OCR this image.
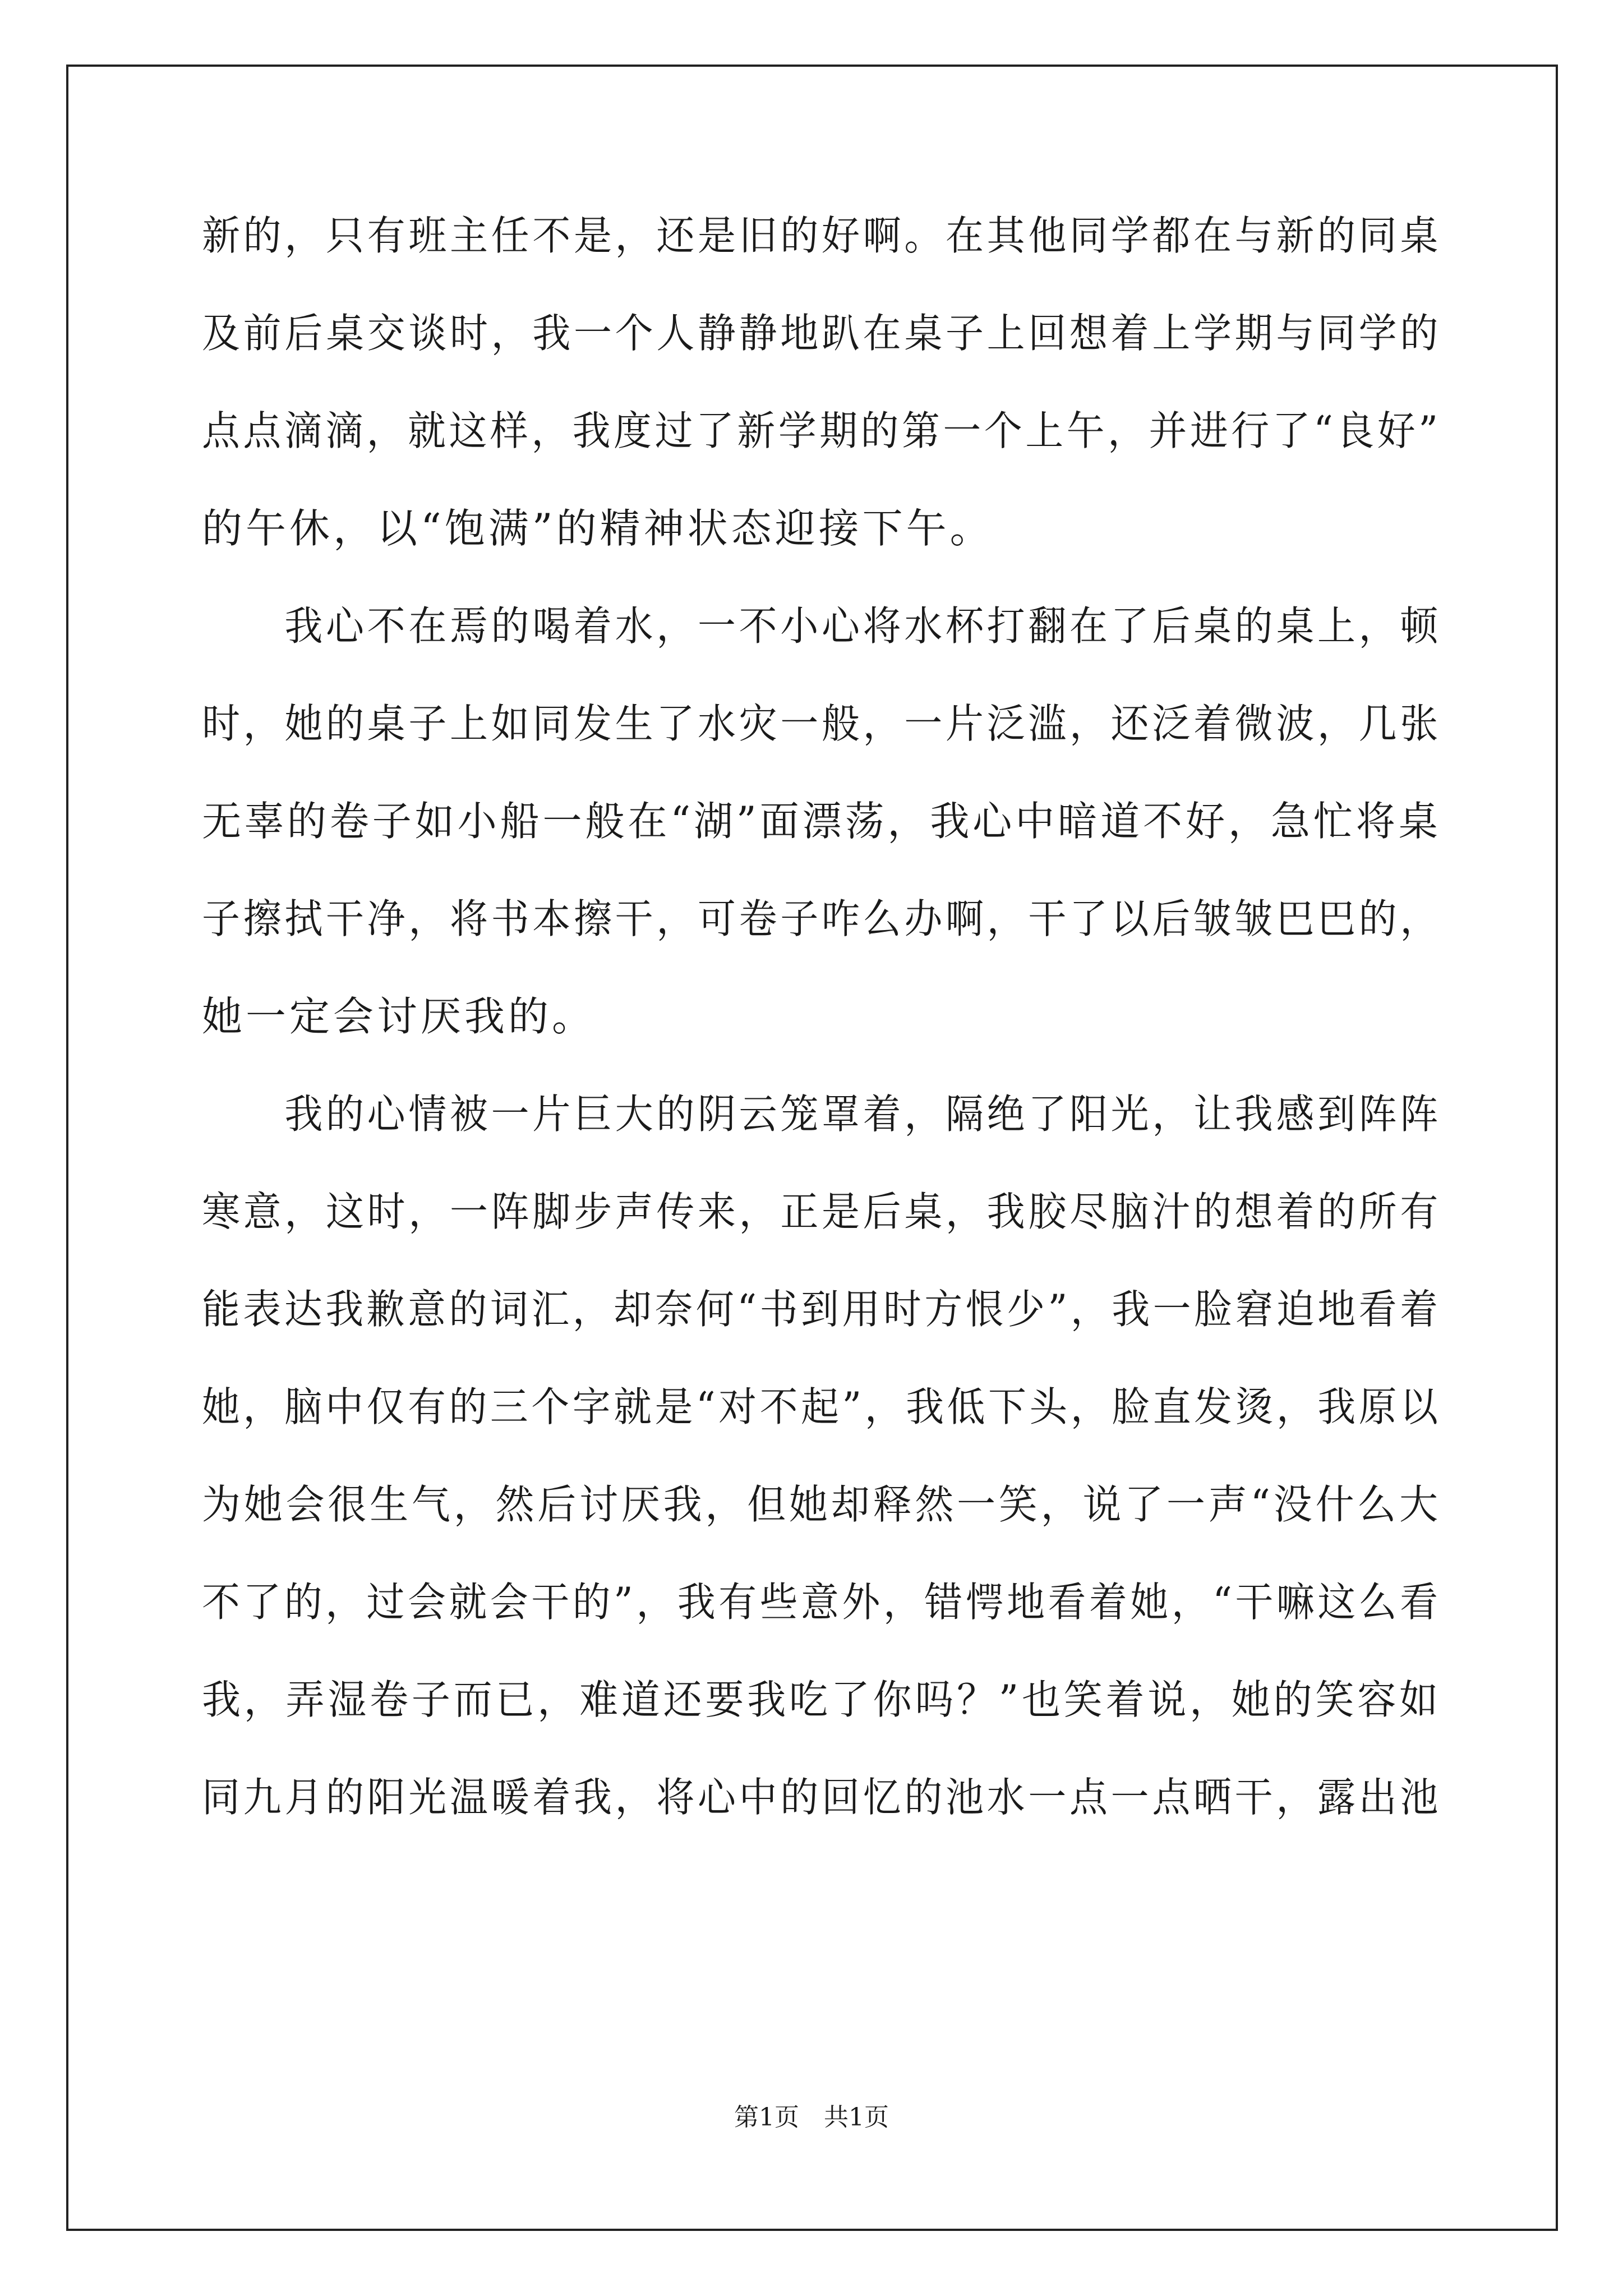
新的，只有班主任不是，还是旧的好啊。在其他同学都在与新的同桌
及前后桌交谈时，我一个人静静地趴在桌子上回想着上学期与同学的
点点滴滴，就这样，我度过了新学期的第一个上午，并进行了“良好”
的午休，以“饱满”的精神状态迎接下午。
　　我心不在焉的喝着水，一不小心将水杯打翻在了后桌的桌上，顿
时，她的桌子上如同发生了水灾一般，一片泛滥，还泛着微波，几张
无辜的卷子如小船一般在“湖”面漂荡，我心中暗道不好，急忙将桌
子擦拭干净，将书本擦干，可卷子咋么办啊，干了以后皱皱巴巴的，
她一定会讨厌我的。
　　我的心情被一片巨大的阴云笼罩着，隔绝了阳光，让我感到阵阵
寒意，这时，一阵脚步声传来，正是后桌，我胶尽脑汁的想着的所有
能表达我歉意的词汇，却奈何“书到用时方恨少”，我一脸窘迫地看着
她，脑中仅有的三个字就是“对不起”，我低下头，脸直发烫，我原以
为她会很生气，然后讨厌我，但她却释然一笑，说了一声“没什么大
不了的，过会就会干的”，我有些意外，错愕地看着她，“干嘛这么看
我，弄湿卷子而已，难道还要我吃了你吗？”也笑着说，她的笑容如
同九月的阳光温暖着我，将心中的回忆的池水一点一点晒干，露出池
第1页　共1页
